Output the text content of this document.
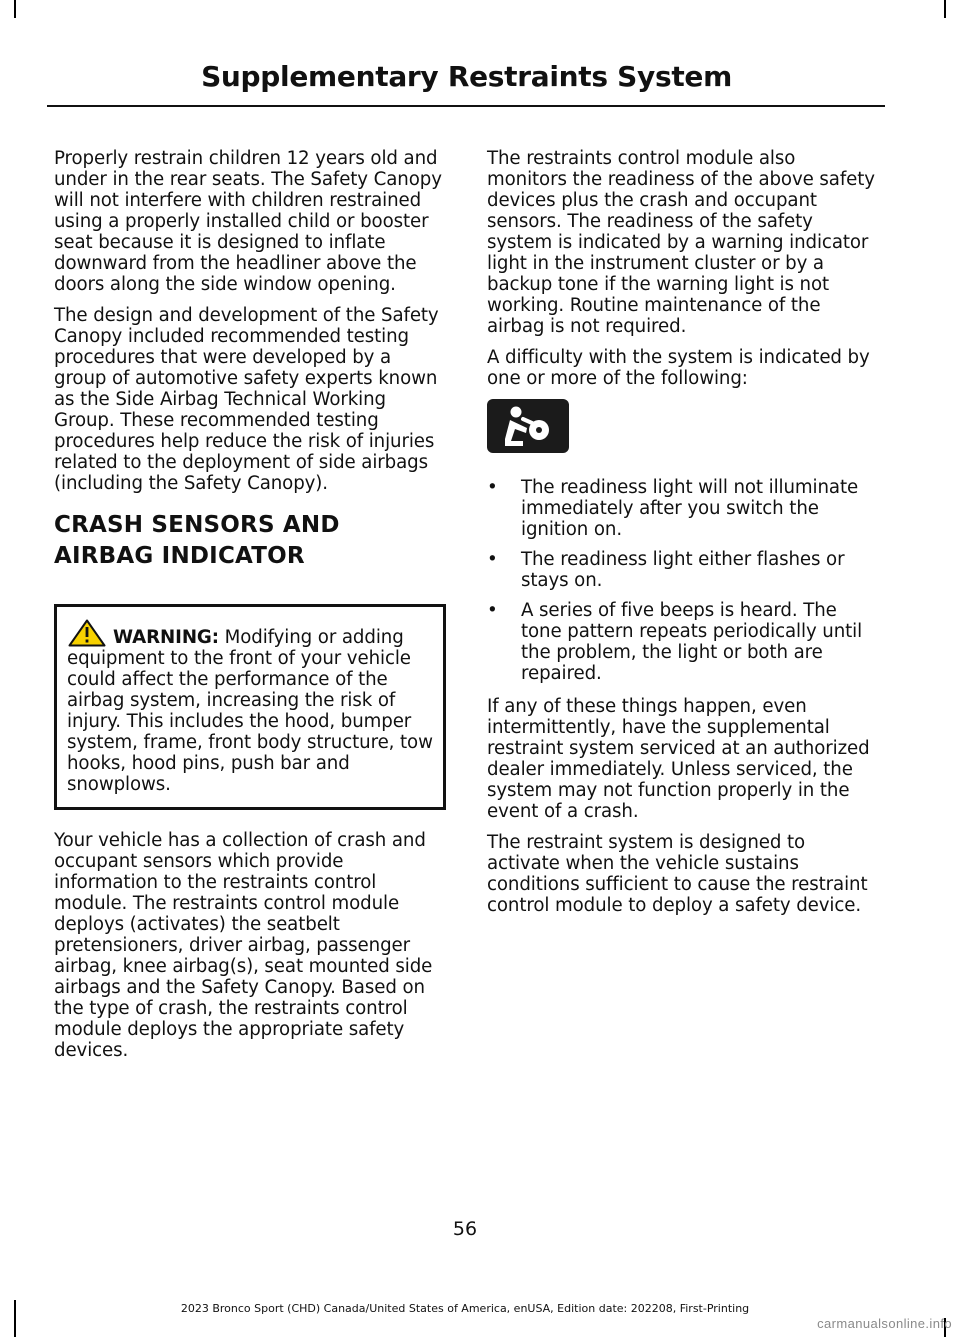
Supplementary Restraints System

Properly restrain children 12 years old and under in the rear seats. The Safety Canopy will not interfere with children restrained using a properly installed child or booster seat because it is designed to inflate downward from the headliner above the doors along the side window opening.

The design and development of the Safety Canopy included recommended testing procedures that were developed by a group of automotive safety experts known as the Side Airbag Technical Working Group. These recommended testing procedures help reduce the risk of injuries related to the deployment of side airbags (including the Safety Canopy).

CRASH SENSORS AND AIRBAG INDICATOR

WARNING: Modifying or adding equipment to the front of your vehicle could affect the performance of the airbag system, increasing the risk of injury. This includes the hood, bumper system, frame, front body structure, tow hooks, hood pins, push bar and snowplows.

Your vehicle has a collection of crash and occupant sensors which provide information to the restraints control module. The restraints control module deploys (activates) the seatbelt pretensioners, driver airbag, passenger airbag, knee airbag(s), seat mounted side airbags and the Safety Canopy. Based on the type of crash, the restraints control module deploys the appropriate safety devices.

The restraints control module also monitors the readiness of the above safety devices plus the crash and occupant sensors. The readiness of the safety system is indicated by a warning indicator light in the instrument cluster or by a backup tone if the warning light is not working. Routine maintenance of the airbag is not required.

A difficulty with the system is indicated by one or more of the following:

• The readiness light will not illuminate immediately after you switch the ignition on.
• The readiness light either flashes or stays on.
• A series of five beeps is heard. The tone pattern repeats periodically until the problem, the light or both are repaired.

If any of these things happen, even intermittently, have the supplemental restraint system serviced at an authorized dealer immediately. Unless serviced, the system may not function properly in the event of a crash.

The restraint system is designed to activate when the vehicle sustains conditions sufficient to cause the restraint control module to deploy a safety device.

56
2023 Bronco Sport (CHD) Canada/United States of America, enUSA, Edition date: 202208, First-Printing
carmanualsonline.info
